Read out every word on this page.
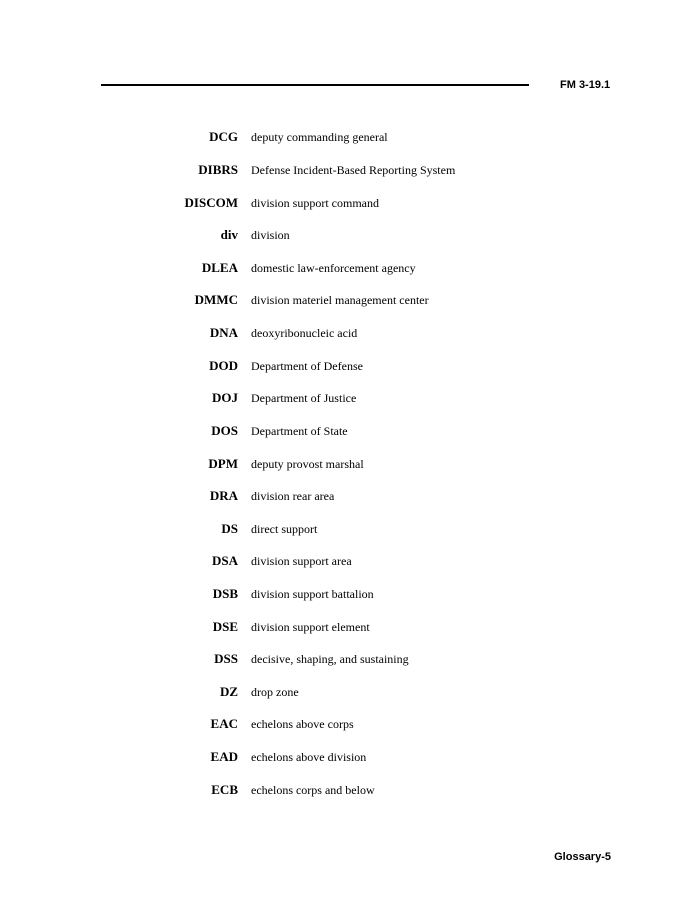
FM 3-19.1
DCG deputy commanding general
DIBRS Defense Incident-Based Reporting System
DISCOM division support command
div division
DLEA domestic law-enforcement agency
DMMC division materiel management center
DNA deoxyribonucleic acid
DOD Department of Defense
DOJ Department of Justice
DOS Department of State
DPM deputy provost marshal
DRA division rear area
DS direct support
DSA division support area
DSB division support battalion
DSE division support element
DSS decisive, shaping, and sustaining
DZ drop zone
EAC echelons above corps
EAD echelons above division
ECB echelons corps and below
Glossary-5
